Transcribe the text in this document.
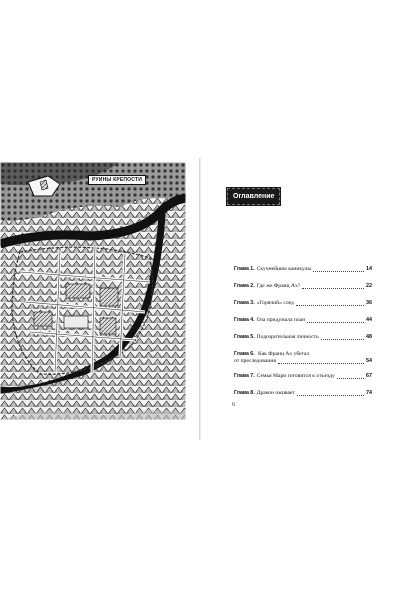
РУИНЫ КРЕПОСТИ
Оглавление
Глава 1. Скучнейшие каникулы	14
Глава 2. Где же Франц Ах?	22
Глава 3. «Горячий» след	36
Глава 4. Оза придумала план	44
Глава 5. Подозрительная личность	48
Глава 6. Как Франц Ах убегал
от преследования	54
Глава 7. Семья Мари готовится к отъезду	67
Глава 8. Дракон оживает	74
6
